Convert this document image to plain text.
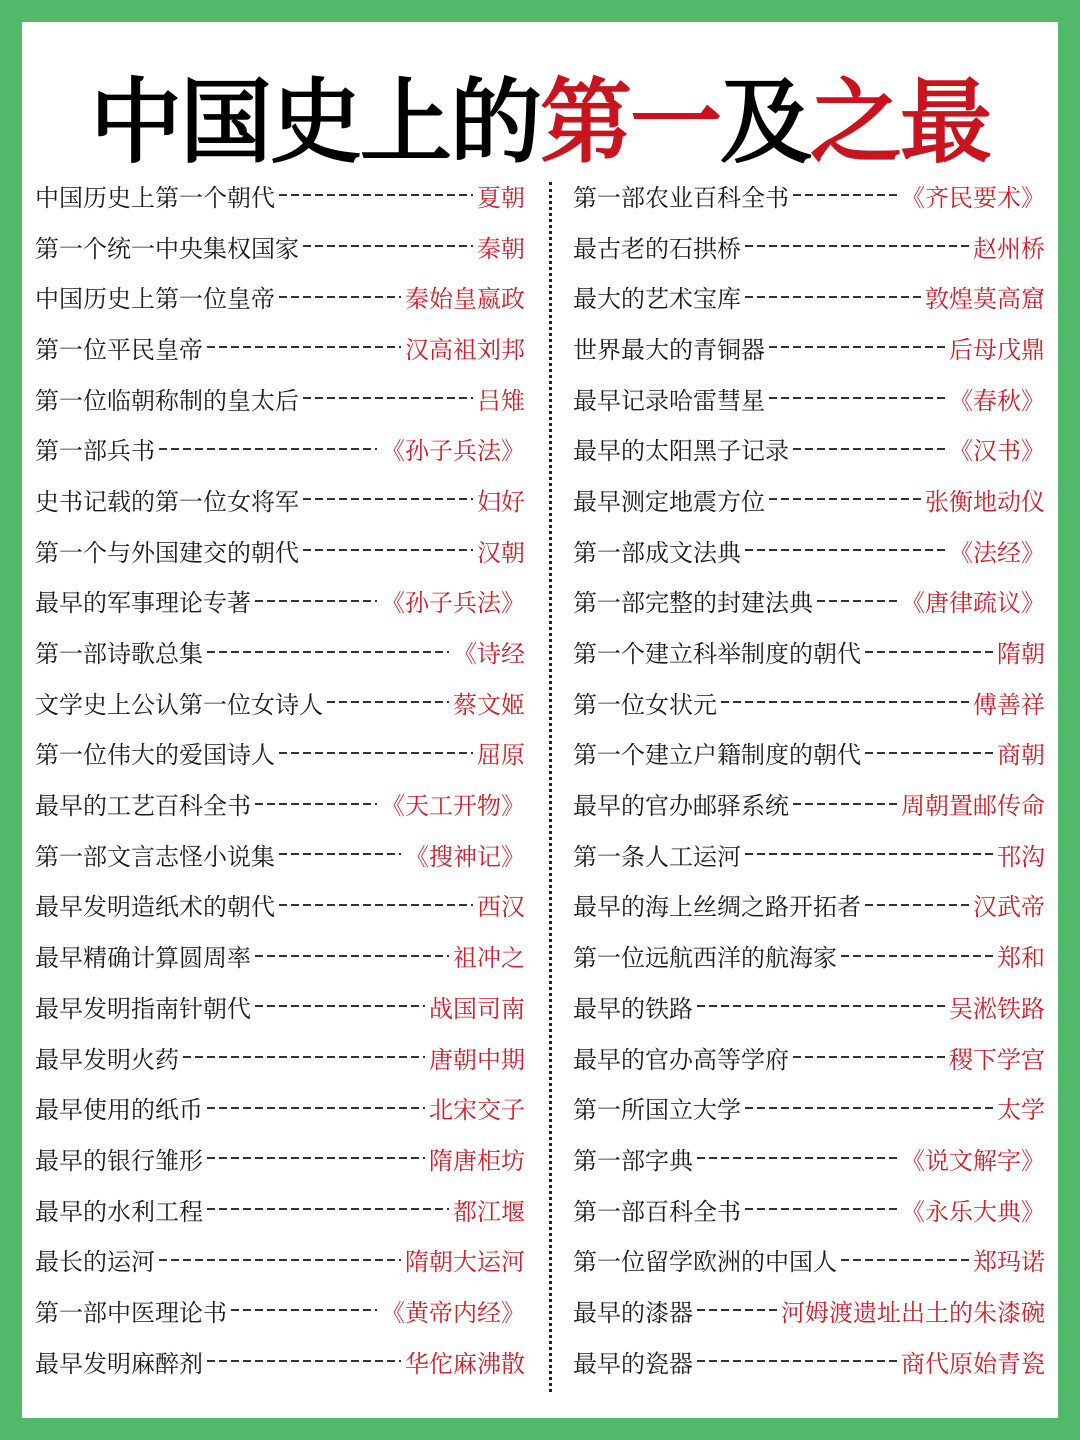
中国史上的第一及之最
中国历史上第一个朝代	夏朝
第一个统一中央集权国家	秦朝
中国历史上第一位皇帝	秦始皇嬴政
第一位平民皇帝	汉高祖刘邦
第一位临朝称制的皇太后	吕雉
第一部兵书	《孙子兵法》
史书记载的第一位女将军	妇好
第一个与外国建交的朝代	汉朝
最早的军事理论专著	《孙子兵法》
第一部诗歌总集	《诗经
文学史上公认第一位女诗人	蔡文姬
第一位伟大的爱国诗人	屈原
最早的工艺百科全书	《天工开物》
第一部文言志怪小说集	《搜神记》
最早发明造纸术的朝代	西汉
最早精确计算圆周率	祖冲之
最早发明指南针朝代	战国司南
最早发明火药	唐朝中期
最早使用的纸币	北宋交子
最早的银行雏形	隋唐柜坊
最早的水利工程	都江堰
最长的运河	隋朝大运河
第一部中医理论书	《黄帝内经》
最早发明麻醉剂	华佗麻沸散
第一部农业百科全书	《齐民要术》
最古老的石拱桥	赵州桥
最大的艺术宝库	敦煌莫高窟
世界最大的青铜器	后母戊鼎
最早记录哈雷彗星	《春秋》
最早的太阳黑子记录	《汉书》
最早测定地震方位	张衡地动仪
第一部成文法典	《法经》
第一部完整的封建法典	《唐律疏议》
第一个建立科举制度的朝代	隋朝
第一位女状元	傅善祥
第一个建立户籍制度的朝代	商朝
最早的官办邮驿系统	周朝置邮传命
第一条人工运河	邗沟
最早的海上丝绸之路开拓者	汉武帝
第一位远航西洋的航海家	郑和
最早的铁路	吴淞铁路
最早的官办高等学府	稷下学宫
第一所国立大学	太学
第一部字典	《说文解字》
第一部百科全书	《永乐大典》
第一位留学欧洲的中国人	郑玛诺
最早的漆器	河姆渡遗址出土的朱漆碗
最早的瓷器	商代原始青瓷
